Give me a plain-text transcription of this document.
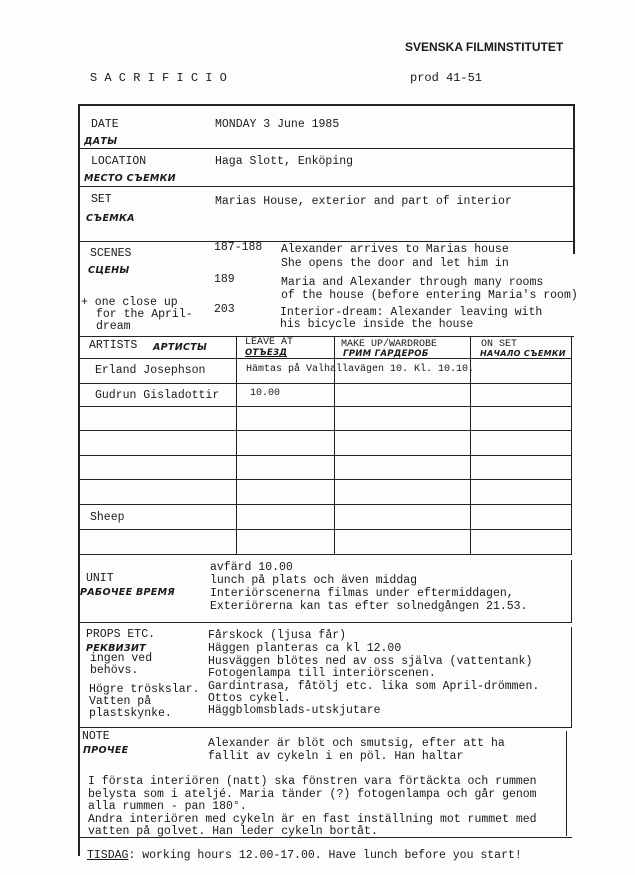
SVENSKA FILMINSTITUTET
S A C R I F I C I O	prod 41-51
DATE
ДАТЫ
MONDAY 3 June 1985
LOCATION
МЕСТО СЪЕМКИ
Haga Slott, Enköping
SET
СЪЕМКА
Marias House, exterior and part of interior
SCENES
СЦЕНЫ
+ one close up
for the April-
dream
187-188 Alexander arrives to Marias house
She opens the door and let him in
189	Maria and Alexander through many rooms
of the house (before entering Maria's room)
203	Interior-dream: Alexander leaving with
his bicycle inside the house
ARTISTS АРТИСТЫ	LEAVE AT
ОТЪЕЗД
MAKE UP/WARDROBE
ГРИМ ГАРДЕРОБ
ON SET
НАЧАЛО СЪЕМКИ
Erland Josephson	Hämtas på Valhallavägen 10. Kl. 10.10.
Gudrun Gisladottir	10.00
Sheep
UNIT
РАБОЧЕЕ ВРЕМЯ
avfärd 10.00
lunch på plats och även middag
Interiörscenerna filmas under eftermiddagen,
Exteriörerna kan tas efter solnedgången 21.53.
PROPS ETC.
РЕКВИЗИТ
ingen ved
behövs.
Högre tröskslar.
Vatten på
plastskynke.
Fårskock (ljusa får)
Häggen planteras ca kl 12.00
Husväggen blötes ned av oss själva (vattentank)
Fotogenlampa till interiörscenen.
Gardintrasa, fåtölj etc. lika som April-drömmen.
Ottos cykel.
Häggblomsblads-utskjutare
NOTE
ПРОЧЕЕ
Alexander är blöt och smutsig, efter att ha
fallit av cykeln i en pöl. Han haltar
I första interiören (natt) ska fönstren vara förtäckta och rummen
belysta som i ateljé. Maria tänder (?) fotogenlampa och går genom
alla rummen - pan 180°.
Andra interiören med cykeln är en fast inställning mot rummet med
vatten på golvet. Han leder cykeln bortåt.
TISDAG: working hours 12.00-17.00. Have lunch before you start!
